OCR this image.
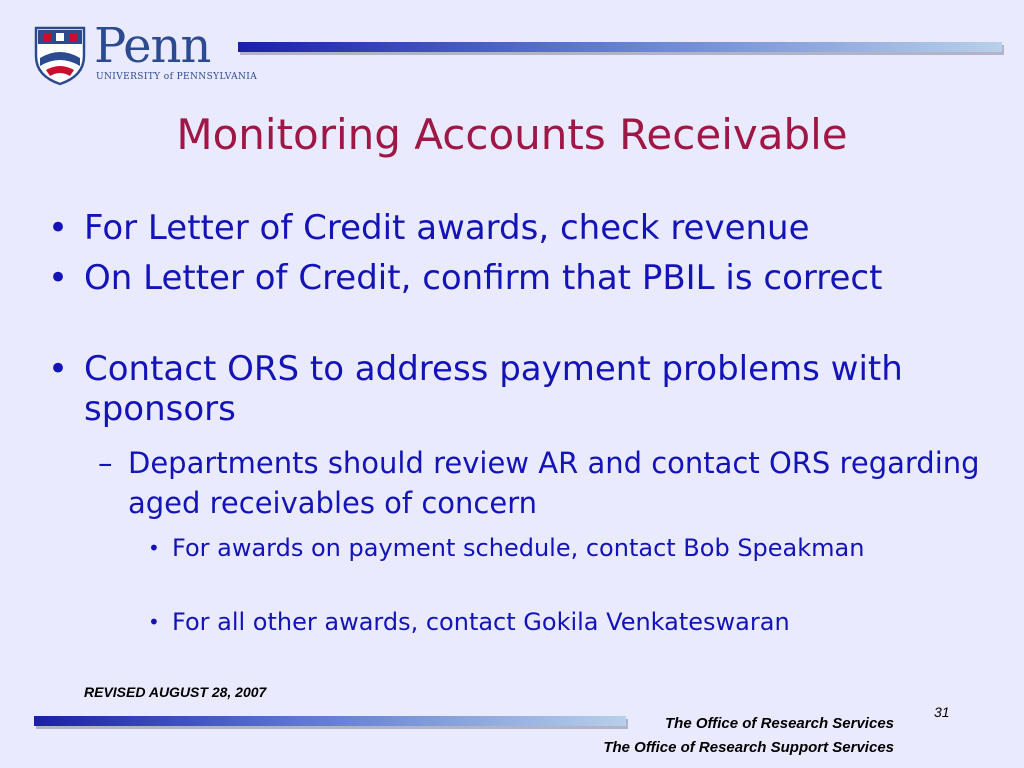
Penn
UNIVERSITY of PENNSYLVANIA
Monitoring Accounts Receivable
• For Letter of Credit awards, check revenue
• On Letter of Credit, confirm that PBIL is correct
• Contact ORS to address payment problems with sponsors
– Departments should review AR and contact ORS regarding aged receivables of concern
• For awards on payment schedule, contact Bob Speakman
• For all other awards, contact Gokila Venkateswaran
REVISED AUGUST 28, 2007
31
The Office of Research Services
The Office of Research Support Services
